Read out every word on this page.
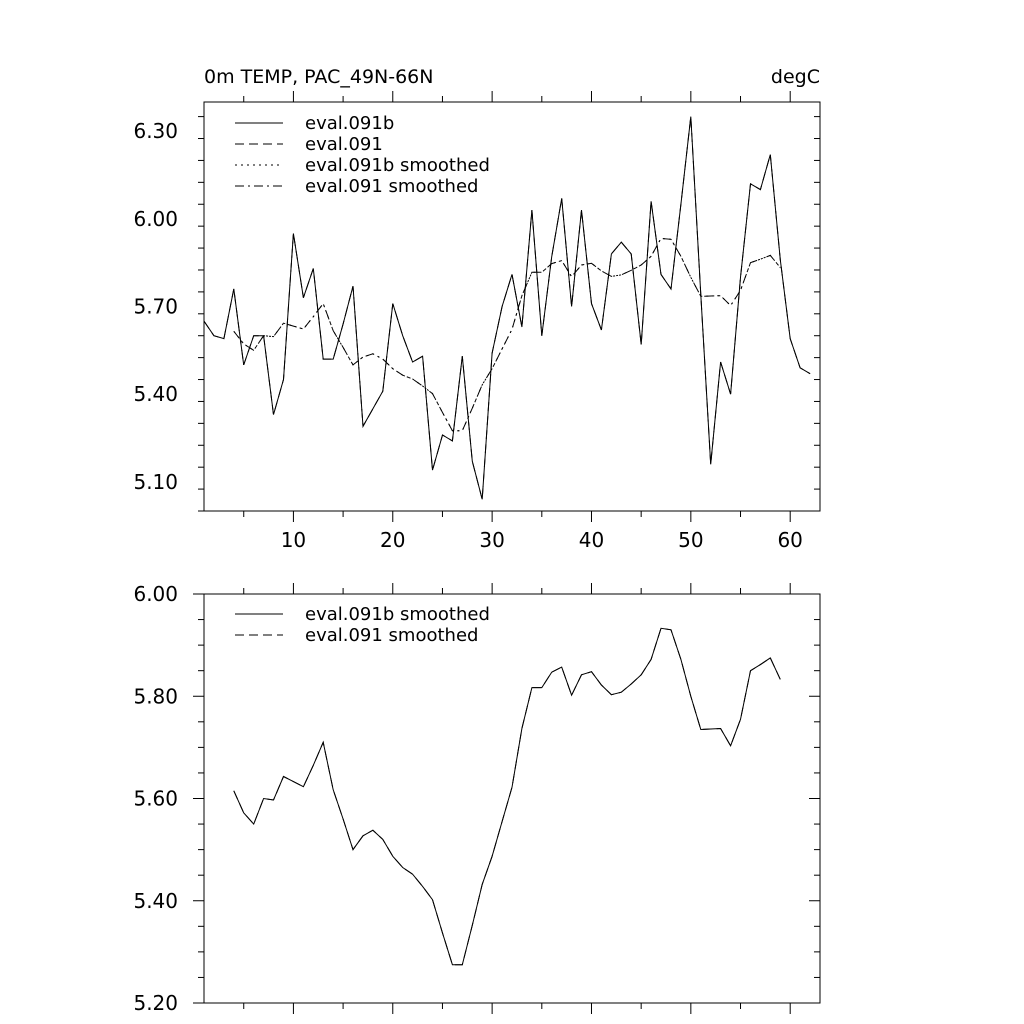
0m TEMP, PAC_49N-66N	degC
10	20	30	40	50	60
5.10
5.40
5.70
6.00
6.30	eval.091b
eval.091
eval.091b smoothed
eval.091 smoothed
5.20
5.40
5.60
5.80
6.00
eval.091b smoothed
eval.091 smoothed
